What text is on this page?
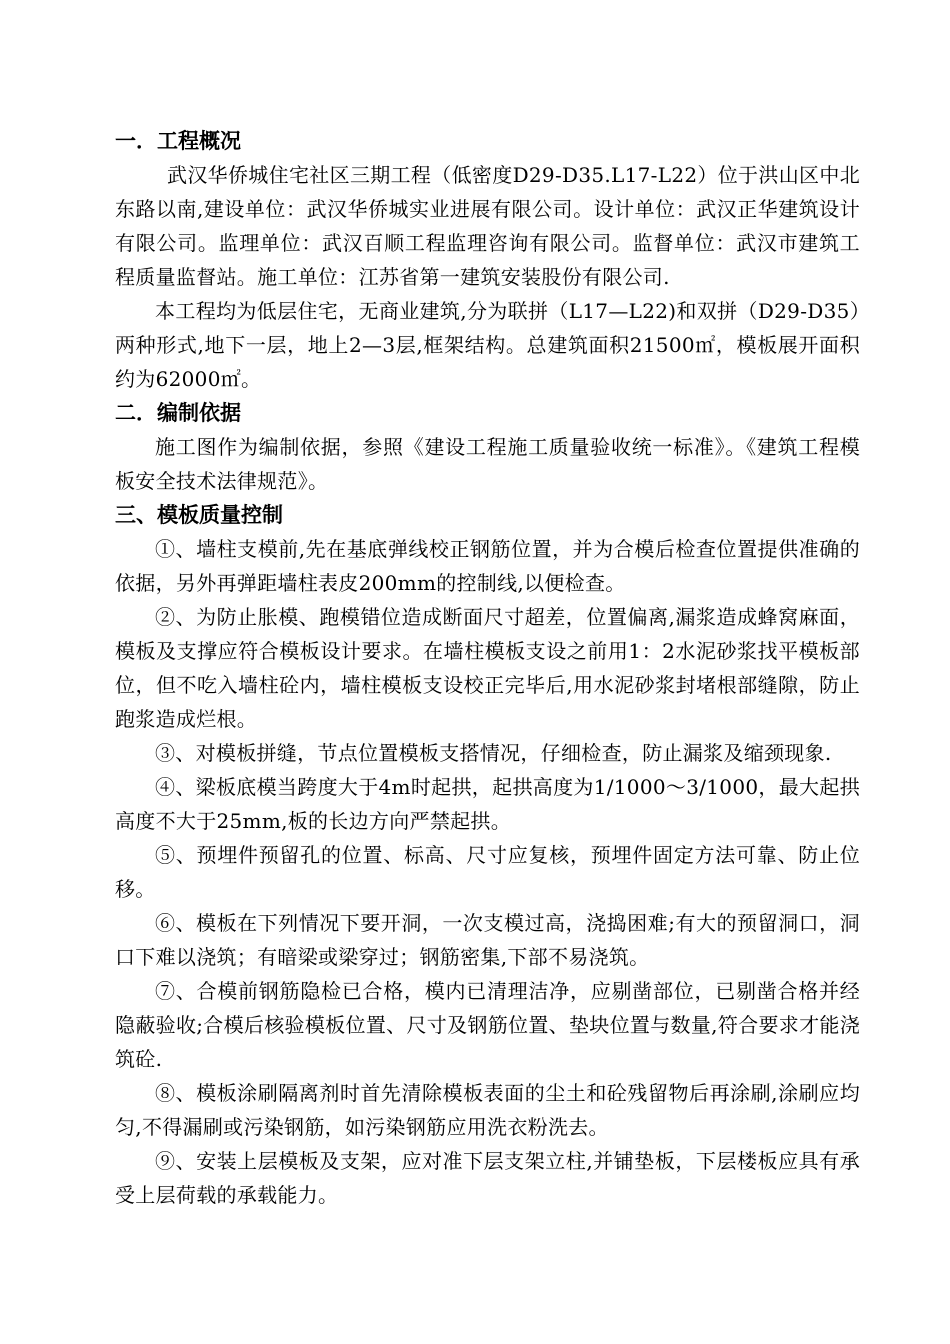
一．工程概况

武汉华侨城住宅社区三期工程（低密度D29-D35.L17-L22）位于洪山区中北东路以南,建设单位：武汉华侨城实业进展有限公司。设计单位：武汉正华建筑设计有限公司。监理单位：武汉百顺工程监理咨询有限公司。监督单位：武汉市建筑工程质量监督站。施工单位：江苏省第一建筑安装股份有限公司.

本工程均为低层住宅，无商业建筑,分为联拼（L17—L22)和双拼（D29-D35）两种形式,地下一层，地上2—3层,框架结构。总建筑面积21500㎡，模板展开面积约为62000㎡。

二．编制依据

施工图作为编制依据，参照《建设工程施工质量验收统一标准》。《建筑工程模板安全技术法律规范》。

三、模板质量控制

①、墙柱支模前,先在基底弹线校正钢筋位置，并为合模后检查位置提供准确的依据，另外再弹距墙柱表皮200mm的控制线,以便检查。

②、为防止胀模、跑模错位造成断面尺寸超差，位置偏离,漏浆造成蜂窝麻面，模板及支撑应符合模板设计要求。在墙柱模板支设之前用1：2水泥砂浆找平模板部位，但不吃入墙柱砼内，墙柱模板支设校正完毕后,用水泥砂浆封堵根部缝隙，防止跑浆造成烂根。

③、对模板拼缝，节点位置模板支搭情况，仔细检查，防止漏浆及缩颈现象.

④、梁板底模当跨度大于4m时起拱，起拱高度为1/1000～3/1000，最大起拱高度不大于25mm,板的长边方向严禁起拱。

⑤、预埋件预留孔的位置、标高、尺寸应复核，预埋件固定方法可靠、防止位移。

⑥、模板在下列情况下要开洞，一次支模过高，浇捣困难;有大的预留洞口，洞口下难以浇筑；有暗梁或梁穿过；钢筋密集,下部不易浇筑。

⑦、合模前钢筋隐检已合格，模内已清理洁净，应剔凿部位，已剔凿合格并经隐蔽验收;合模后核验模板位置、尺寸及钢筋位置、垫块位置与数量,符合要求才能浇筑砼.

⑧、模板涂刷隔离剂时首先清除模板表面的尘土和砼残留物后再涂刷,涂刷应均匀,不得漏刷或污染钢筋，如污染钢筋应用洗衣粉洗去。

⑨、安装上层模板及支架，应对准下层支架立柱,并铺垫板，下层楼板应具有承受上层荷载的承载能力。
